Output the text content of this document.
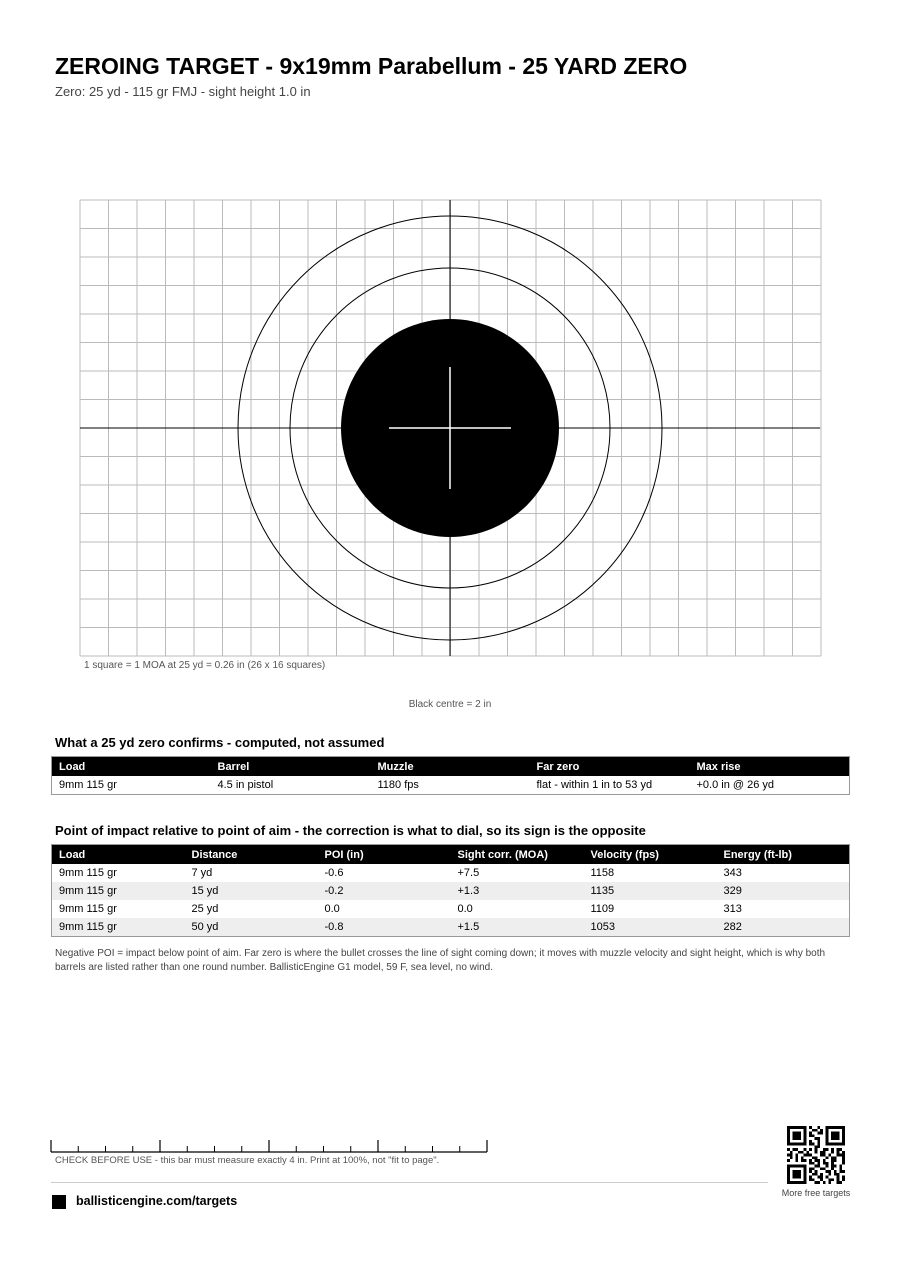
ZEROING TARGET - 9x19mm Parabellum - 25 YARD ZERO
Zero: 25 yd - 115 gr FMJ - sight height 1.0 in
1 square = 1 MOA at 25 yd = 0.26 in (26 x 16 squares)
Black centre = 2 in
What a 25 yd zero confirms - computed, not assumed
Load	Barrel	Muzzle	Far zero	Max rise
9mm 115 gr	4.5 in pistol	1180 fps	flat - within 1 in to 53 yd	+0.0 in @ 26 yd
Point of impact relative to point of aim - the correction is what to dial, so its sign is the opposite
Load	Distance	POI (in)	Sight corr. (MOA)	Velocity (fps)	Energy (ft-lb)
9mm 115 gr	7 yd	-0.6	+7.5	1158	343
9mm 115 gr	15 yd	-0.2	+1.3	1135	329
9mm 115 gr	25 yd	0.0	0.0	1109	313
9mm 115 gr	50 yd	-0.8	+1.5	1053	282
Negative POI = impact below point of aim. Far zero is where the bullet crosses the line of sight coming down; it moves with muzzle velocity and sight height, which is why both barrels are listed rather than one round number. BallisticEngine G1 model, 59 F, sea level, no wind.
CHECK BEFORE USE - this bar must measure exactly 4 in. Print at 100%, not "fit to page".
ballisticengine.com/targets
More free targets
